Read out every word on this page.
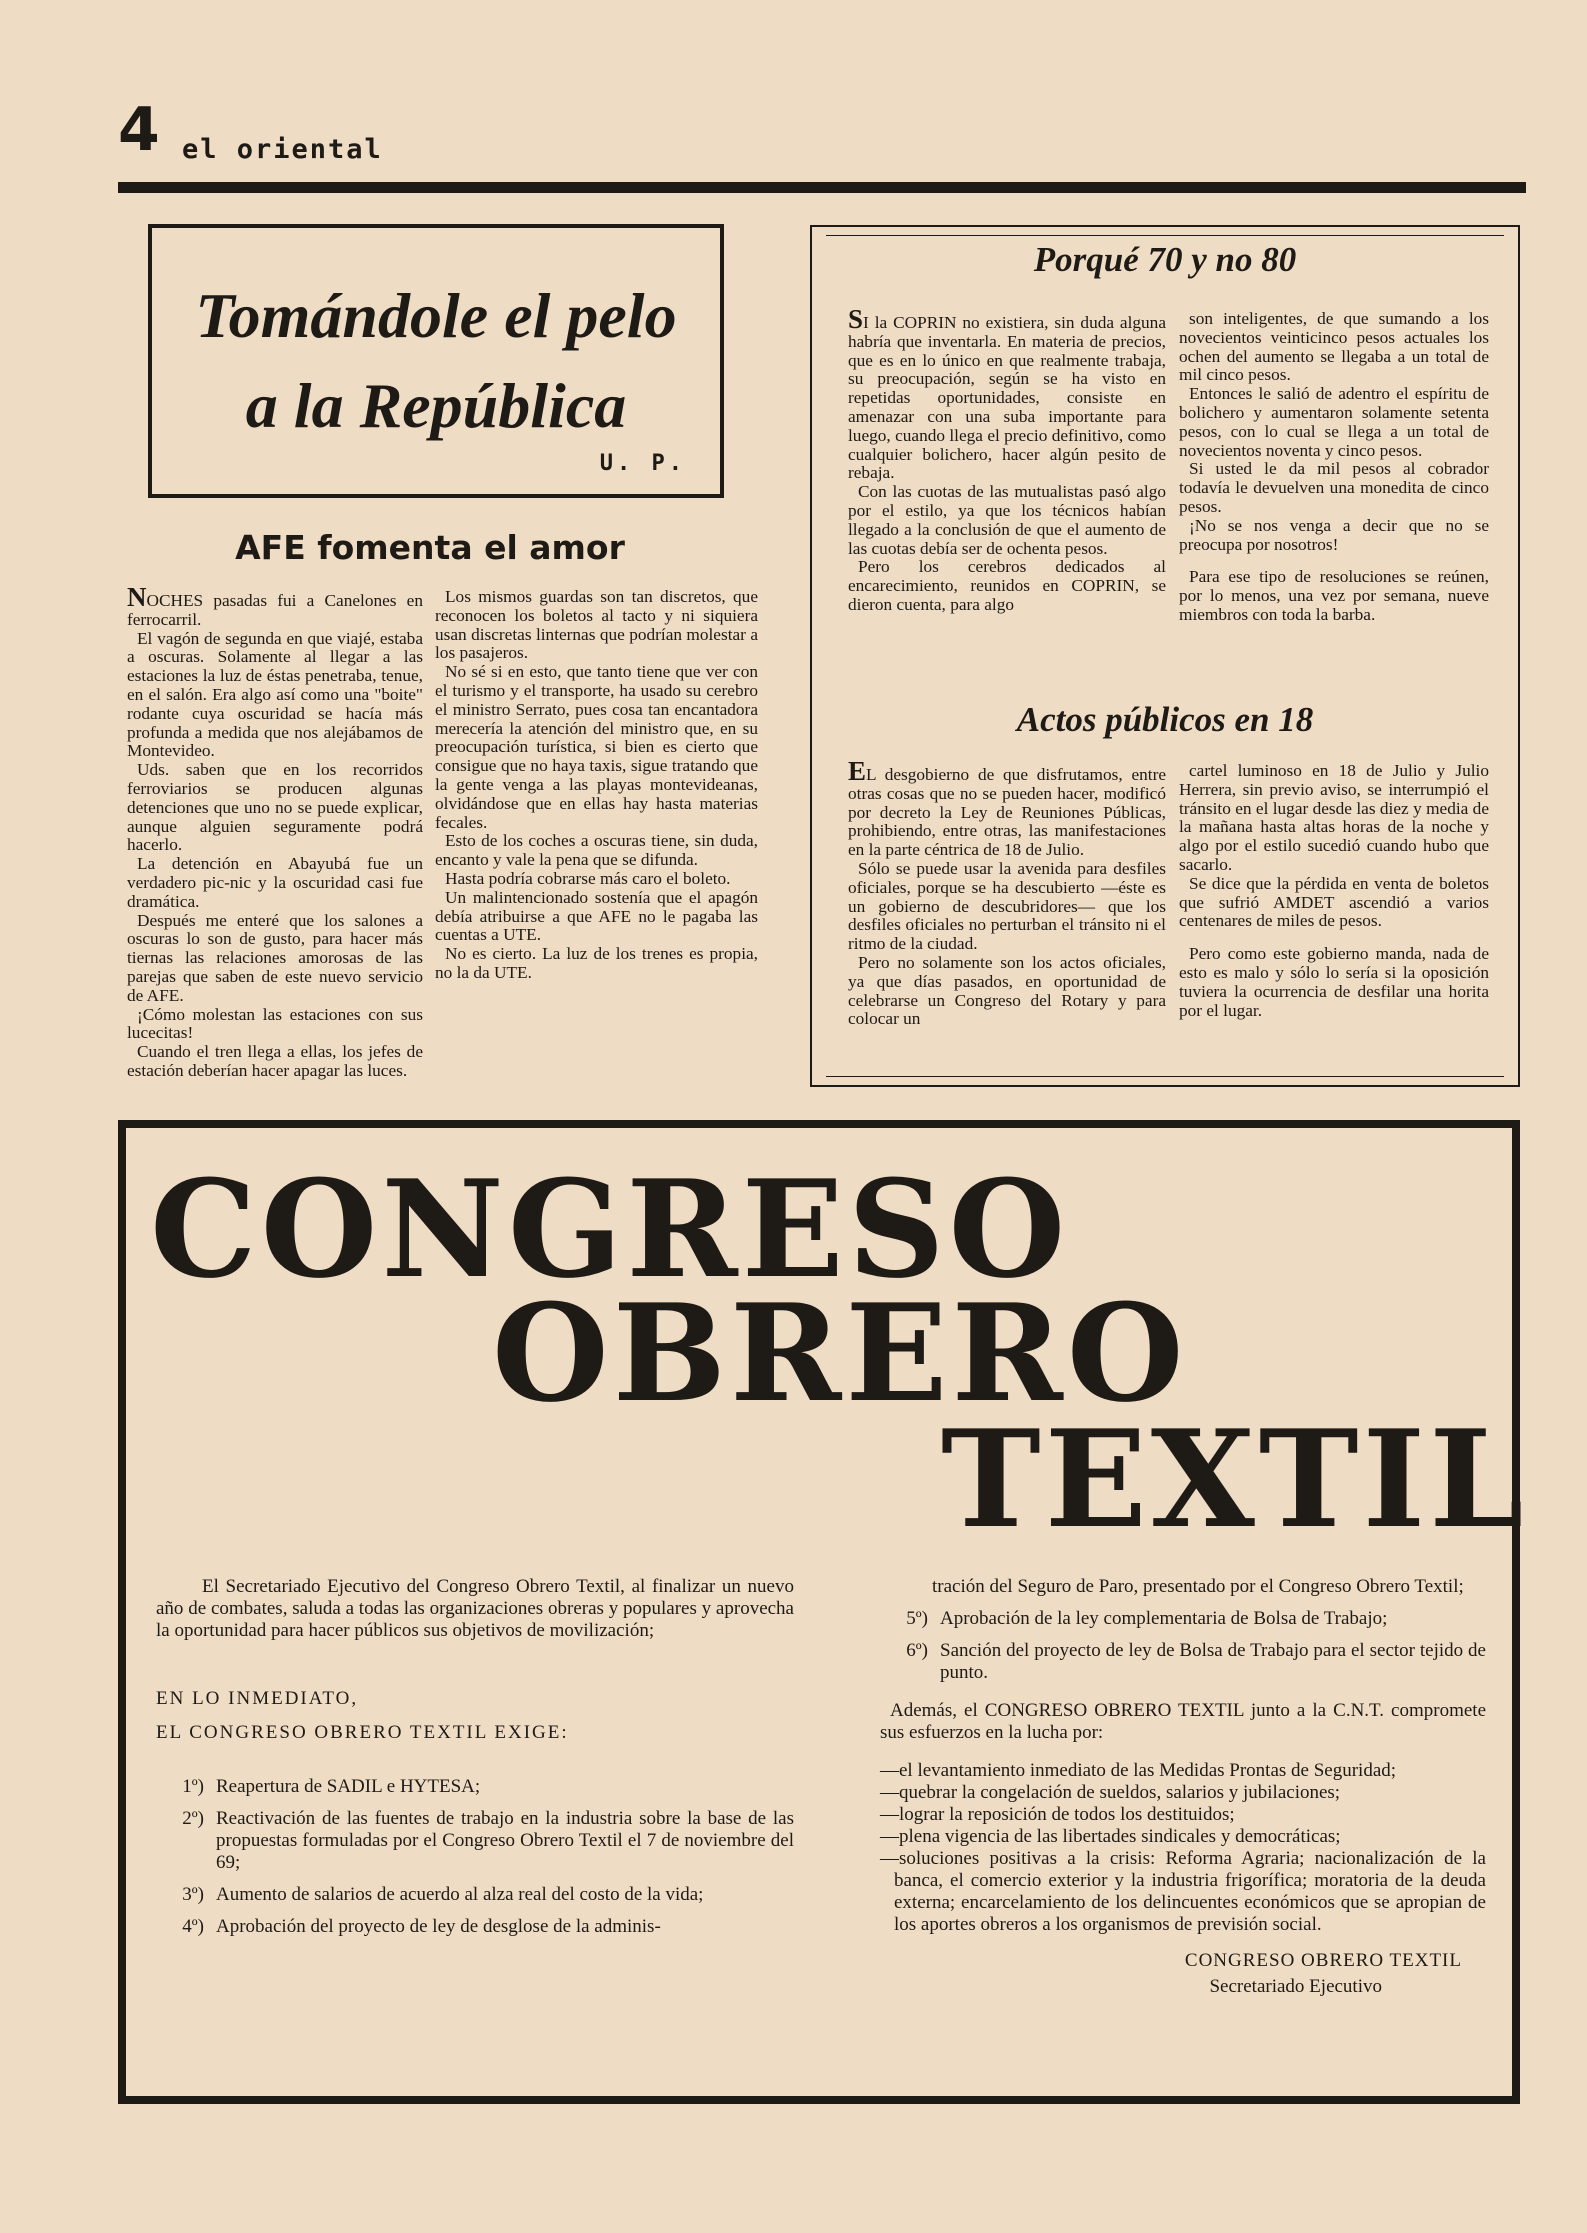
4 el oriental
Tomándole el pelo
a la República
U. P.
AFE fomenta el amor

NOCHES pasadas fui a Canelones en ferrocarril.

El vagón de segunda en que viajé, estaba a oscuras. Solamente al llegar a las estaciones la luz de éstas penetraba, tenue, en el salón. Era algo así como una "boite" rodante cuya oscuridad se hacía más profunda a medida que nos alejábamos de Montevideo.

Uds. saben que en los recorridos ferroviarios se producen algunas detenciones que uno no se puede explicar, aunque alguien seguramente podrá hacerlo.

La detención en Abayubá fue un verdadero pic-nic y la oscuridad casi fue dramática.

Después me enteré que los salones a oscuras lo son de gusto, para hacer más tiernas las relaciones amorosas de las parejas que saben de este nuevo servicio de AFE.

¡Cómo molestan las estaciones con sus lucecitas!

Cuando el tren llega a ellas, los jefes de estación deberían hacer apagar las luces.

Los mismos guardas son tan discretos, que reconocen los boletos al tacto y ni siquiera usan discretas linternas que podrían molestar a los pasajeros.

No sé si en esto, que tanto tiene que ver con el turismo y el transporte, ha usado su cerebro el ministro Serrato, pues cosa tan encantadora merecería la atención del ministro que, en su preocupación turística, si bien es cierto que consigue que no haya taxis, sigue tratando que la gente venga a las playas montevideanas, olvidándose que en ellas hay hasta materias fecales.

Esto de los coches a oscuras tiene, sin duda, encanto y vale la pena que se difunda.

Hasta podría cobrarse más caro el boleto.

Un malintencionado sostenía que el apagón debía atribuirse a que AFE no le pagaba las cuentas a UTE.

No es cierto. La luz de los trenes es propia, no la da UTE.

Porqué 70 y no 80

SI la COPRIN no existiera, sin duda alguna habría que inventarla. En materia de precios, que es en lo único en que realmente trabaja, su preocupación, según se ha visto en repetidas oportunidades, consiste en amenazar con una suba importante para luego, cuando llega el precio definitivo, como cualquier bolichero, hacer algún pesito de rebaja.

Con las cuotas de las mutualistas pasó algo por el estilo, ya que los técnicos habían llegado a la conclusión de que el aumento de las cuotas debía ser de ochenta pesos.

Pero los cerebros dedicados al encarecimiento, reunidos en COPRIN, se dieron cuenta, para algo

son inteligentes, de que sumando a los novecientos veinticinco pesos actuales los ochen del aumento se llegaba a un total de mil cinco pesos.

Entonces le salió de adentro el espíritu de bolichero y aumentaron solamente setenta pesos, con lo cual se llega a un total de novecientos noventa y cinco pesos.

Si usted le da mil pesos al cobrador todavía le devuelven una monedita de cinco pesos.

¡No se nos venga a decir que no se preocupa por nosotros!

Para ese tipo de resoluciones se reúnen, por lo menos, una vez por semana, nueve miembros con toda la barba.

Actos públicos en 18

EL desgobierno de que disfrutamos, entre otras cosas que no se pueden hacer, modificó por decreto la Ley de Reuniones Públicas, prohibiendo, entre otras, las manifestaciones en la parte céntrica de 18 de Julio.

Sólo se puede usar la avenida para desfiles oficiales, porque se ha descubierto —éste es un gobierno de descubridores— que los desfiles oficiales no perturban el tránsito ni el ritmo de la ciudad.

Pero no solamente son los actos oficiales, ya que días pasados, en oportunidad de celebrarse un Congreso del Rotary y para colocar un

cartel luminoso en 18 de Julio y Julio Herrera, sin previo aviso, se interrumpió el tránsito en el lugar desde las diez y media de la mañana hasta altas horas de la noche y algo por el estilo sucedió cuando hubo que sacarlo.

Se dice que la pérdida en venta de boletos que sufrió AMDET ascendió a varios centenares de miles de pesos.

Pero como este gobierno manda, nada de esto es malo y sólo lo sería si la oposición tuviera la ocurrencia de desfilar una horita por el lugar.

CONGRESO
OBRERO
TEXTIL

El Secretariado Ejecutivo del Congreso Obrero Textil, al finalizar un nuevo año de combates, saluda a todas las organizaciones obreras y populares y aprovecha la oportunidad para hacer públicos sus objetivos de movilización;

EN LO INMEDIATO,

EL CONGRESO OBRERO TEXTIL EXIGE:

1º) Reapertura de SADIL e HYTESA;
2º) Reactivación de las fuentes de trabajo en la industria sobre la base de las propuestas formuladas por el Congreso Obrero Textil el 7 de noviembre del 69;
3º) Aumento de salarios de acuerdo al alza real del costo de la vida;
4º) Aprobación del proyecto de ley de desglose de la adminis-

tración del Seguro de Paro, presentado por el Congreso Obrero Textil;

5º) Aprobación de la ley complementaria de Bolsa de Trabajo;
6º) Sanción del proyecto de ley de Bolsa de Trabajo para el sector tejido de punto.

Además, el CONGRESO OBRERO TEXTIL junto a la C.N.T. compromete sus esfuerzos en la lucha por:

—el levantamiento inmediato de las Medidas Prontas de Seguridad;

—quebrar la congelación de sueldos, salarios y jubilaciones;

—lograr la reposición de todos los destituidos;

—plena vigencia de las libertades sindicales y democráticas;

—soluciones positivas a la crisis: Reforma Agraria; nacionalización de la banca, el comercio exterior y la industria frigorífica; moratoria de la deuda externa; encarcelamiento de los delincuentes económicos que se apropian de los aportes obreros a los organismos de previsión social.

CONGRESO OBRERO TEXTIL

Secretariado Ejecutivo
